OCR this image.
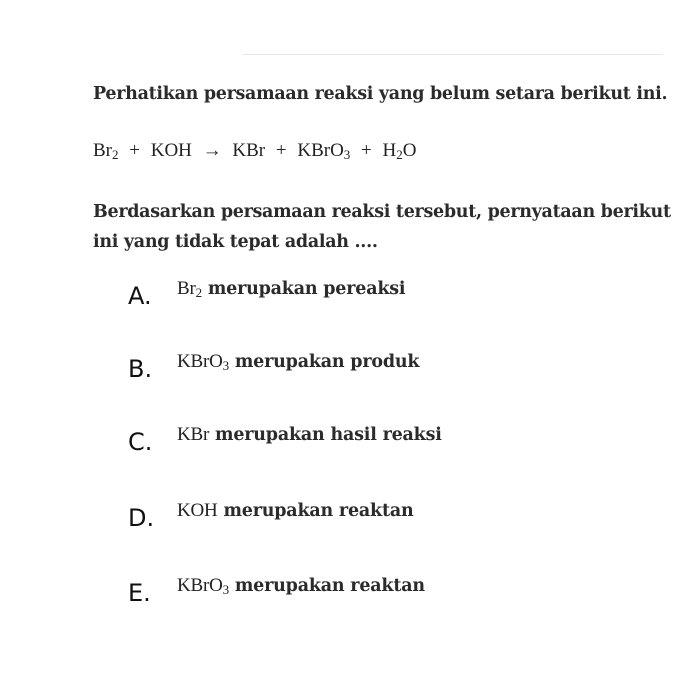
Perhatikan persamaan reaksi yang belum setara berikut ini.
$Br_2$ + KOH → KBr + KBrO$_3$ + $H_2O$
Berdasarkan persamaan reaksi tersebut, pernyataan berikut ini yang tidak tepat adalah ....
A. $Br_2$ merupakan pereaksi
B. KBrO$_3$ merupakan produk
C. KBr merupakan hasil reaksi
D. KOH merupakan reaktan
E. KBrO$_3$ merupakan reaktan
